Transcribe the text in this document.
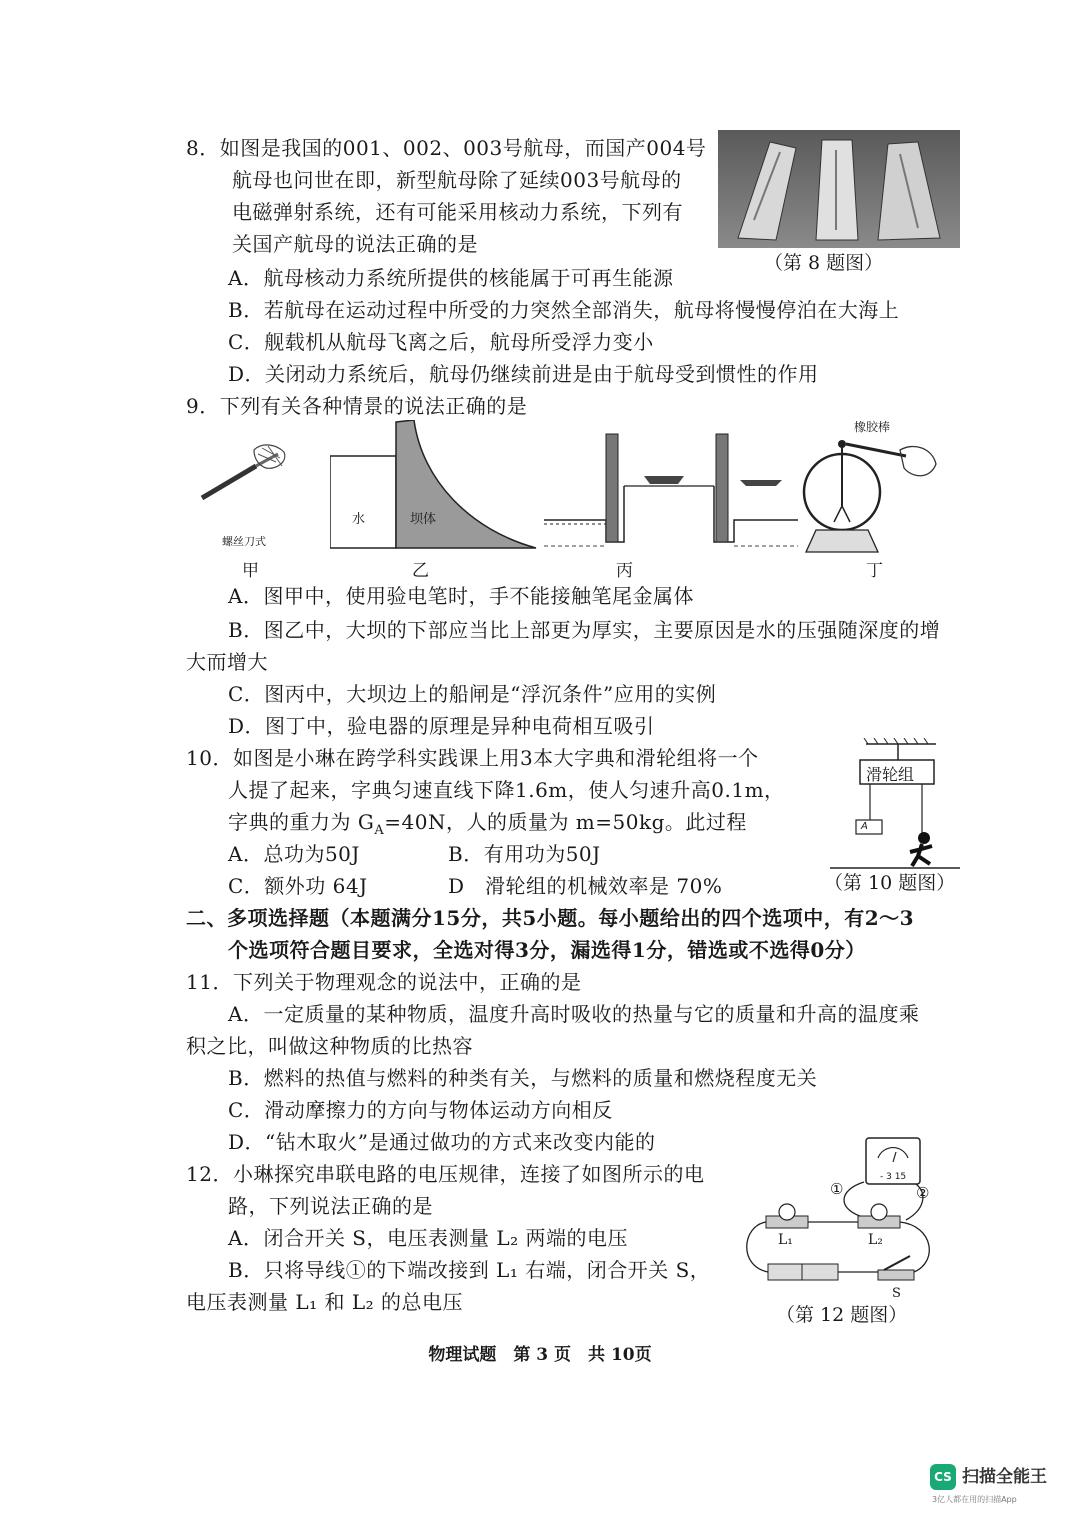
8．如图是我国的001、002、003号航母，而国产004号
航母也问世在即，新型航母除了延续003号航母的
电磁弹射系统，还有可能采用核动力系统，下列有
关国产航母的说法正确的是
（第 8 题图）
A．航母核动力系统所提供的核能属于可再生能源
B．若航母在运动过程中所受的力突然全部消失，航母将慢慢停泊在大海上
C．舰载机从航母飞离之后，航母所受浮力变小
D．关闭动力系统后，航母仍继续前进是由于航母受到惯性的作用
9．下列有关各种情景的说法正确的是
螺丝刀式
甲
水	坝体
乙	丙
橡胶棒
丁
A．图甲中，使用验电笔时，手不能接触笔尾金属体
B．图乙中，大坝的下部应当比上部更为厚实，主要原因是水的压强随深度的增
大而增大
C．图丙中，大坝边上的船闸是“浮沉条件”应用的实例
D．图丁中，验电器的原理是异种电荷相互吸引
10．如图是小琳在跨学科实践课上用3本大字典和滑轮组将一个
人提了起来，字典匀速直线下降1.6m，使人匀速升高0.1m，
字典的重力为 $G_A=40N$，人的质量为 m=50kg。此过程
A．总功为50J	B．有用功为50J
C．额外功 64J	D　滑轮组的机械效率是 70%
滑轮组
A
（第 10 题图）
二、多项选择题（本题满分15分，共5小题。每小题给出的四个选项中，有2～3
个选项符合题目要求，全选对得3分，漏选得1分，错选或不选得0分）
11．下列关于物理观念的说法中，正确的是
A．一定质量的某种物质，温度升高时吸收的热量与它的质量和升高的温度乘
积之比，叫做这种物质的比热容
B．燃料的热值与燃料的种类有关，与燃料的质量和燃烧程度无关
C．滑动摩擦力的方向与物体运动方向相反
D．“钻木取火”是通过做功的方式来改变内能的
12．小琳探究串联电路的电压规律，连接了如图所示的电
路，下列说法正确的是
A．闭合开关 S，电压表测量 L₂ 两端的电压
B．只将导线①的下端改接到 L₁ 右端，闭合开关 S，
电压表测量 L₁ 和 L₂ 的总电压
- 3 15
①	②
L₁	L₂
S
（第 12 题图）
物理试题　第 3 页　共 10页
CS 扫描全能王
3亿人都在用的扫描App
